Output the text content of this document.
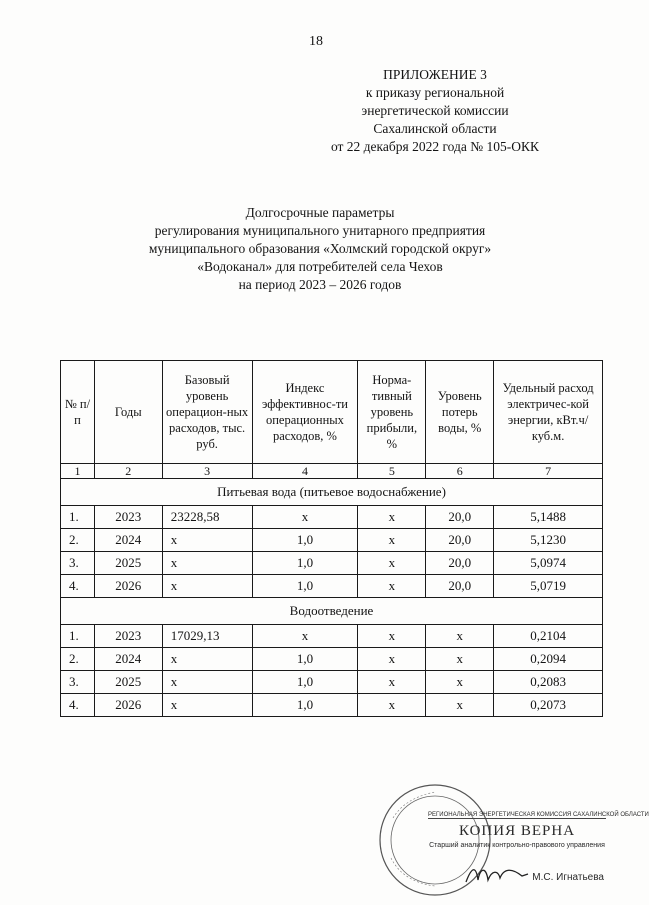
18
ПРИЛОЖЕНИЕ 3
к приказу региональной
энергетической комиссии
Сахалинской области
от 22 декабря 2022 года № 105-ОКК
Долгосрочные параметры
регулирования муниципального унитарного предприятия
муниципального образования «Холмский городской округ»
«Водоканал» для потребителей села Чехов
на период 2023 – 2026 годов
№ п/п	Годы	Базовый уровень операцион-ных расходов, тыс. руб.	Индекс эффективнос-ти операционных расходов, %	Норма-тивный уровень прибыли, %	Уровень потерь воды, %	Удельный расход электричес-кой энергии, кВт.ч/куб.м.
1	2	3	4	5	6	7
Питьевая вода (питьевое водоснабжение)						
1.	2023	23228,58	х	х	20,0	5,1488
2.	2024	х	1,0	х	20,0	5,1230
3.	2025	х	1,0	х	20,0	5,0974
4.	2026	х	1,0	х	20,0	5,0719
Водоотведение						
1.	2023	17029,13	х	х	х	0,2104
2.	2024	х	1,0	х	х	0,2094
3.	2025	х	1,0	х	х	0,2083
4.	2026	х	1,0	х	х	0,2073
РЕГИОНАЛЬНАЯ ЭНЕРГЕТИЧЕСКАЯ КОМИССИЯ САХАЛИНСКОЙ ОБЛАСТИ
КОПИЯ ВЕРНА
Старший аналитик контрольно-правового управления
М.С. Игнатьева
